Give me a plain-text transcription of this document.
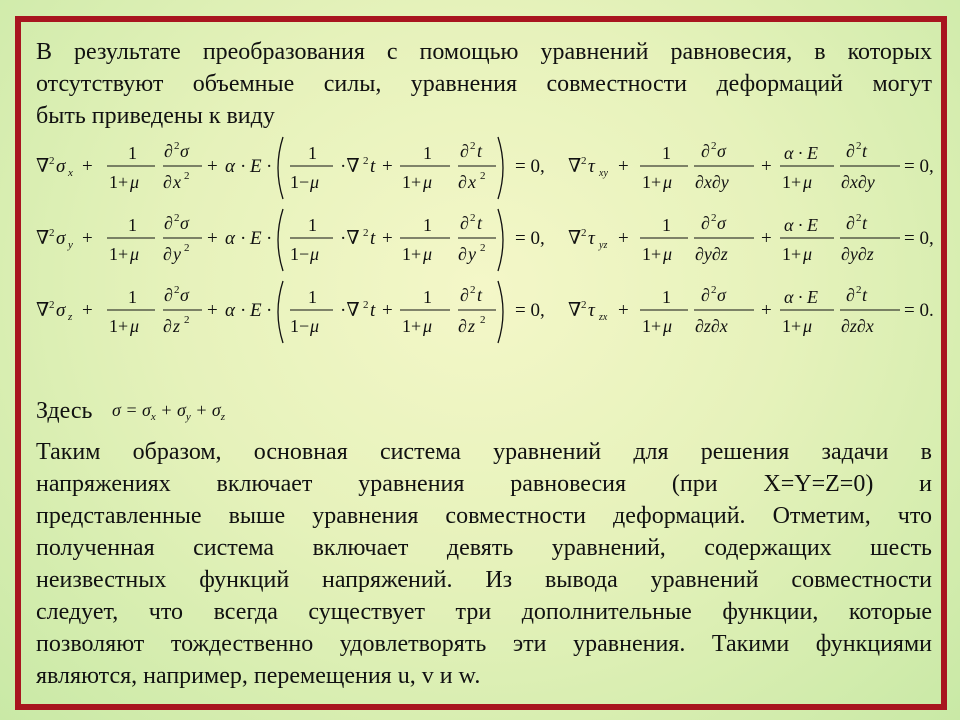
В результате преобразования с помощью уравнений равновесия, в которых
отсутствуют объемные силы, уравнения совместности деформаций могут
быть приведены к виду
∇ 2 σ x +
1
1+ μ
∂ 2 σ
∂ x 2 + α · E ·
1
1− μ
·∇ 2 t +
1
1+ μ
∂ 2 t
∂ x 2 = 0, ∇ 2 τ xy +
1
1+ μ
∂ 2 σ
∂x∂y
+
α · E
1+ μ
∂ 2 t
∂x∂y
= 0,
∇ 2 σ y +
1
1+ μ
∂ 2 σ
∂ y 2 + α · E ·
1
1− μ
·∇ 2 t +
1
1+ μ
∂ 2 t
∂ y 2 = 0, ∇ 2 τ yz +
1
1+ μ
∂ 2 σ
∂y∂z
+
α · E
1+ μ
∂ 2 t
∂y∂z
= 0,
∇ 2 σ z +
1
1+ μ
∂ 2 σ
∂ z 2 + α · E ·
1
1− μ
·∇ 2 t +
1
1+ μ
∂ 2 t
∂ z 2 = 0, ∇ 2 τ zx +
1
1+ μ
∂ 2 σ
∂z∂x
+
α · E
1+ μ
∂ 2 t
∂z∂x
= 0.
Здесь $\sigma = \sigma_x + \sigma_y + \sigma_z$
Таким образом, основная система уравнений для решения задачи в
напряжениях включает уравнения равновесия (при X=Y=Z=0) и
представленные выше уравнения совместности деформаций. Отметим, что
полученная система включает девять уравнений, содержащих шесть
неизвестных функций напряжений. Из вывода уравнений совместности
следует, что всегда существует три дополнительные функции, которые
позволяют тождественно удовлетворять эти уравнения. Такими функциями
являются, например, перемещения u, v и w.
